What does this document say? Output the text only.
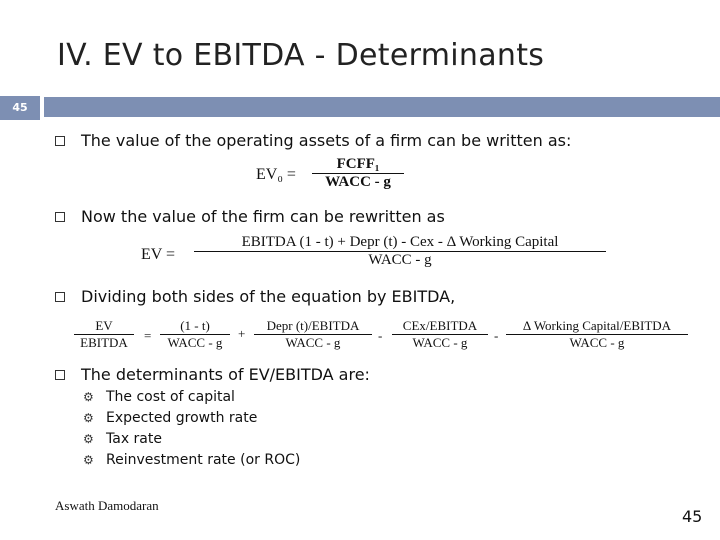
IV. EV to EBITDA - Determinants
45
The value of the operating assets of a firm can be written as:
EV₀ =
FCFF₁
WACC - g
Now the value of the firm can be rewritten as
EV =
EBITDA (1 - t) + Depr (t) - Cex - Δ Working Capital
WACC - g
Dividing both sides of the equation by EBITDA,
EV
EBITDA	=
(1 - t)
WACC - g
+
Depr (t)/EBITDA
WACC - g	-
CEx/EBITDA
WACC - g	-
Δ Working Capital/EBITDA
WACC - g
The determinants of EV/EBITDA are:
⚙ The cost of capital
⚙ Expected growth rate
⚙ Tax rate
⚙ Reinvestment rate (or ROC)
Aswath Damodaran
45
